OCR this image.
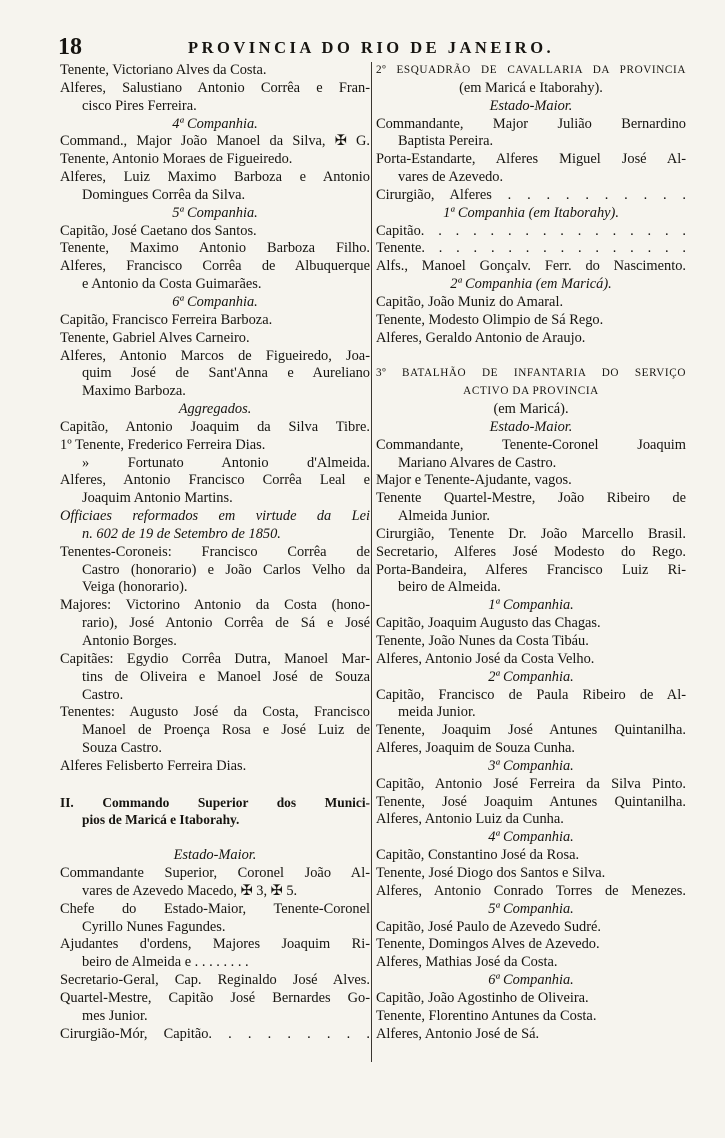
18	PROVINCIA DO RIO DE JANEIRO.
Tenente, Victoriano Alves da Costa.
Alferes, Salustiano Antonio Corrêa e Fran-
cisco Pires Ferreira.
4ª Companhia.
Command., Major João Manoel da Silva, ✠ G.
Tenente, Antonio Moraes de Figueiredo.
Alferes, Luiz Maximo Barboza e Antonio
Domingues Corrêa da Silva.
5ª Companhia.
Capitão, José Caetano dos Santos.
Tenente, Maximo Antonio Barboza Filho.
Alferes, Francisco Corrêa de Albuquerque
e Antonio da Costa Guimarães.
6ª Companhia.
Capitão, Francisco Ferreira Barboza.
Tenente, Gabriel Alves Carneiro.
Alferes, Antonio Marcos de Figueiredo, Joa-
quim José de Sant'Anna e Aureliano
Maximo Barboza.
Aggregados.
Capitão, Antonio Joaquim da Silva Tibre.
1º Tenente, Frederico Ferreira Dias.
» Fortunato Antonio d'Almeida.
Alferes, Antonio Francisco Corrêa Leal e
Joaquim Antonio Martins.
Officiaes reformados em virtude da Lei
n. 602 de 19 de Setembro de 1850.
Tenentes-Coroneis: Francisco Corrêa de
Castro (honorario) e João Carlos Velho da
Veiga (honorario).
Majores: Victorino Antonio da Costa (hono-
rario), José Antonio Corrêa de Sá e José
Antonio Borges.
Capitães: Egydio Corrêa Dutra, Manoel Mar-
tins de Oliveira e Manoel José de Souza
Castro.
Tenentes: Augusto José da Costa, Francisco
Manoel de Proença Rosa e José Luiz de
Souza Castro.
Alferes Felisberto Ferreira Dias.

II. Commando Superior dos Munici-
pios de Maricá e Itaborahy.

Estado-Maior.
Commandante Superior, Coronel João Al-
vares de Azevedo Macedo, ✠ 3, ✠ 5.
Chefe do Estado-Maior, Tenente-Coronel
Cyrillo Nunes Fagundes.
Ajudantes d'ordens, Majores Joaquim Ri-
beiro de Almeida e . . . . . . . .
Secretario-Geral, Cap. Reginaldo José Alves.
Quartel-Mestre, Capitão José Bernardes Go-
mes Junior.
Cirurgião-Mór, Capitão. . . . . . . . .
2º ESQUADRÃO DE CAVALLARIA DA PROVINCIA
(em Maricá e Itaborahy).
Estado-Maior.
Commandante, Major Julião Bernardino
Baptista Pereira.
Porta-Estandarte, Alferes Miguel José Al-
vares de Azevedo.
Cirurgião, Alferes . . . . . . . . . .
1ª Companhia (em Itaborahy).
Capitão. . . . . . . . . . . . . . . .
Tenente. . . . . . . . . . . . . . . .
Alfs., Manoel Gonçalv. Ferr. do Nascimento.
2ª Companhia (em Maricá).
Capitão, João Muniz do Amaral.
Tenente, Modesto Olimpio de Sá Rego.
Alferes, Geraldo Antonio de Araujo.

3º BATALHÃO DE INFANTARIA DO SERVIÇO
ACTIVO DA PROVINCIA
(em Maricá).
Estado-Maior.
Commandante, Tenente-Coronel Joaquim
Mariano Alvares de Castro.
Major e Tenente-Ajudante, vagos.
Tenente Quartel-Mestre, João Ribeiro de
Almeida Junior.
Cirurgião, Tenente Dr. João Marcello Brasil.
Secretario, Alferes José Modesto do Rego.
Porta-Bandeira, Alferes Francisco Luiz Ri-
beiro de Almeida.
1ª Companhia.
Capitão, Joaquim Augusto das Chagas.
Tenente, João Nunes da Costa Tibáu.
Alferes, Antonio José da Costa Velho.
2ª Companhia.
Capitão, Francisco de Paula Ribeiro de Al-
meida Junior.
Tenente, Joaquim José Antunes Quintanilha.
Alferes, Joaquim de Souza Cunha.
3ª Companhia.
Capitão, Antonio José Ferreira da Silva Pinto.
Tenente, José Joaquim Antunes Quintanilha.
Alferes, Antonio Luiz da Cunha.
4ª Companhia.
Capitão, Constantino José da Rosa.
Tenente, José Diogo dos Santos e Silva.
Alferes, Antonio Conrado Torres de Menezes.
5ª Companhia.
Capitão, José Paulo de Azevedo Sudré.
Tenente, Domingos Alves de Azevedo.
Alferes, Mathias José da Costa.
6ª Companhia.
Capitão, João Agostinho de Oliveira.
Tenente, Florentino Antunes da Costa.
Alferes, Antonio José de Sá.
